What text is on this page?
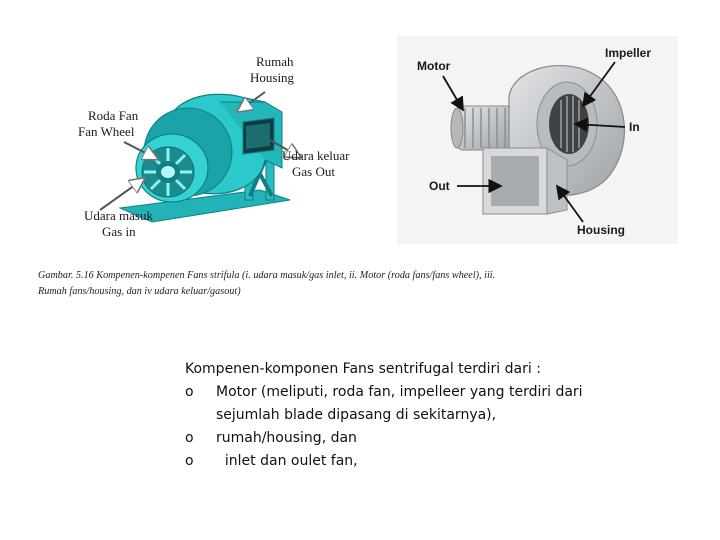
Rumah
Housing
Roda Fan
Fan Wheel
Udara keluar
Gas Out
Udara masuk
Gas in
Motor
Impeller
In
Out
Housing
Gambar. 5.16 Kompenen-kompenen Fans strifula (i. udara masuk/gas inlet, ii. Motor (roda fans/fans wheel), iii.
Rumah fans/housing, dan iv udara keluar/gasout)

Kompenen-komponen Fans sentrifugal terdiri dari :

o Motor (meliputi, roda fan, impelleer yang terdiri dari
sejumlah blade dipasang di sekitarnya),
o rumah/housing, dan
o inlet dan oulet fan,
